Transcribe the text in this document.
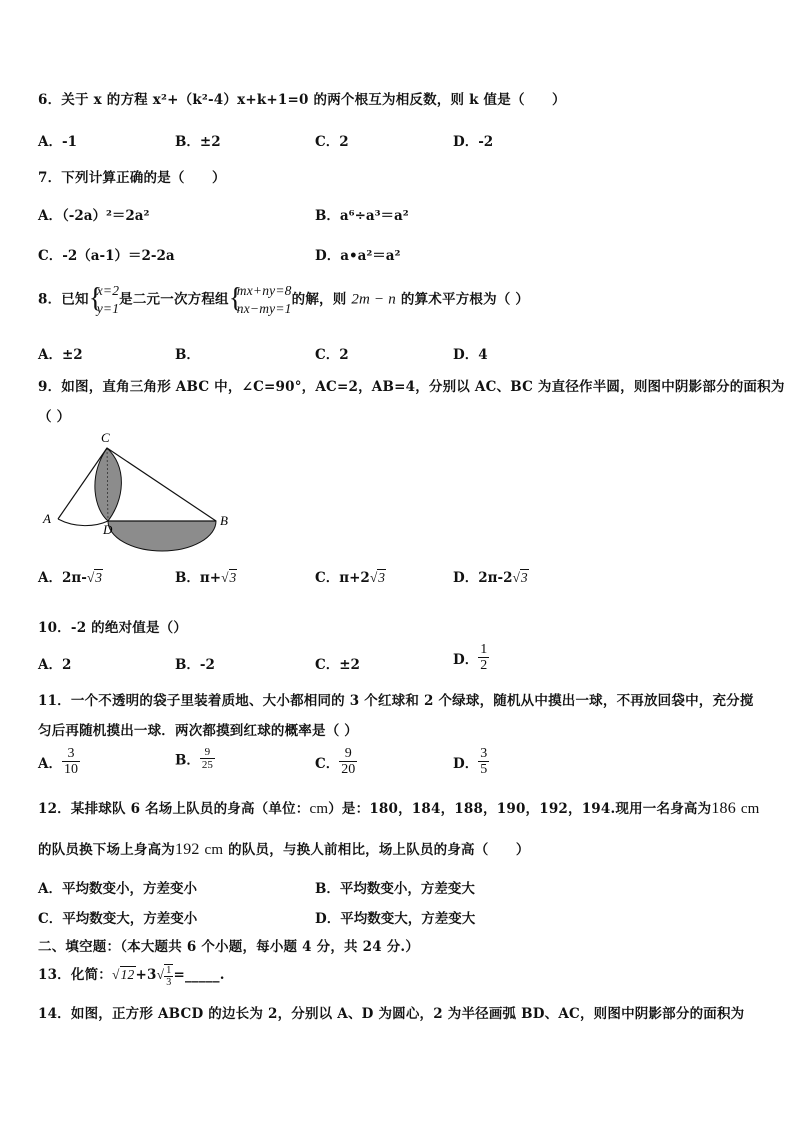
6．关于 x 的方程 x²+（k²-4）x+k+1=0 的两个根互为相反数，则 k 值是（　　）
A．-1	B．±2	C．2	D．-2
7．下列计算正确的是（　　）
A．（-2a）²＝2a²	B．a⁶÷a³＝a²
C．-2（a-1）＝2-2a	D．a•a²＝a²
8．已知 {
x=2
y=1
是二元一次方程组 {
mx+ny=8
nx−my=1
的解，则 2m − n 的算术平方根为（ ）
A．±2	B．	C．2	D．4
9．如图，直角三角形 ABC 中，∠C=90°，AC=2，AB=4，分别以 AC、BC 为直径作半圆，则图中阴影部分的面积为
（ ）
C
A
D
B
A．2π-√3	B．π+√3	C．π+2√3	D．2π-2√3
10．-2 的绝对值是（）
A．2	B．-2	C．±2	D． $\frac{1}{2}$
11．一个不透明的袋子里装着质地、大小都相同的 3 个红球和 2 个绿球，随机从中摸出一球，不再放回袋中，充分搅
匀后再随机摸出一球．两次都摸到红球的概率是（ ）
A． $\frac{3}{10}$	B． $\frac{9}{25}$	C． $\frac{9}{20}$	D． $\frac{3}{5}$
12．某排球队 6 名场上队员的身高（单位：cm）是：180，184，188，190，192，194.现用一名身高为186 cm
的队员换下场上身高为192 cm 的队员，与换人前相比，场上队员的身高（　　）
A．平均数变小，方差变小	B．平均数变小，方差变大
C．平均数变大，方差变小	D．平均数变大，方差变大
二、填空题：（本大题共 6 个小题，每小题 4 分，共 24 分.）
13．化简：$√12+3√ \frac{1}{3}$ =_____.
14．如图，正方形 ABCD 的边长为 2，分别以 A、D 为圆心，2 为半径画弧 BD、AC，则图中阴影部分的面积为
